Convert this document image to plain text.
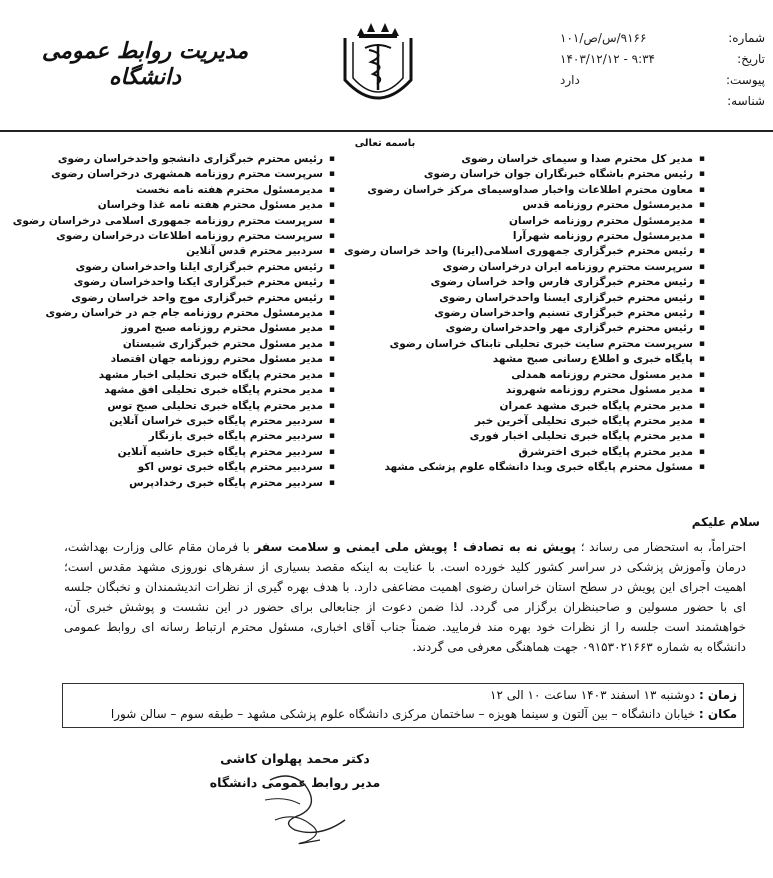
شماره:
۹۱۶۶/س/ص/۱۰۱
تاریخ:
۹:۳۴ - ۱۴۰۳/۱۲/۱۲
پیوست:
دارد
شناسه:
مدیریت روابط عمومی دانشگاه
باسمه تعالی
▪ مدیر کل محترم صدا و سیمای خراسان رضوی
▪ رئیس محترم باشگاه خبرنگاران جوان خراسان رضوی
▪ معاون محترم اطلاعات واخبار صداوسیمای مرکز خراسان رضوی
▪ مدیرمسئول محترم روزنامه قدس
▪ مدیرمسئول محترم روزنامه خراسان
▪ مدیرمسئول محترم روزنامه شهرآرا
▪ رئیس محترم خبرگزاری جمهوری اسلامی(ایرنا) واحد خراسان رضوی
▪ سرپرست محترم روزنامه ایران درخراسان رضوی
▪ رئیس محترم خبرگزاری فارس واحد خراسان رضوی
▪ رئیس محترم خبرگزاری ایسنا واحدخراسان رضوی
▪ رئیس محترم خبرگزاری تسنیم واحدخراسان رضوی
▪ رئیس محترم خبرگزاری مهر واحدخراسان رضوی
▪ سرپرست محترم سایت خبری تحلیلی تابناک خراسان رضوی
▪ پایگاه خبری و اطلاع رسانی صبح مشهد
▪ مدیر مسئول محترم روزنامه همدلی
▪ مدیر مسئول محترم روزنامه شهروند
▪ مدیر محترم پایگاه خبری مشهد عمران
▪ مدیر محترم پایگاه خبری تحلیلی آخرین خبر
▪ مدیر محترم پایگاه خبری تحلیلی اخبار فوری
▪ مدیر محترم پایگاه خبری اخترشرق
▪ مسئول محترم پایگاه خبری وبدا دانشگاه علوم پزشکی مشهد
▪ رئیس محترم خبرگزاری دانشجو واحدخراسان رضوی
▪ سرپرست محترم روزنامه همشهری درخراسان رضوی
▪ مدیرمسئول محترم هفته نامه نخست
▪ مدیر مسئول محترم هفته نامه غذا وخراسان
▪ سرپرست محترم روزنامه جمهوری اسلامی درخراسان رضوی
▪ سرپرست محترم روزنامه اطلاعات درخراسان رضوی
▪ سردبیر محترم قدس آنلاین
▪ رئیس محترم خبرگزاری ایلنا واحدخراسان رضوی
▪ رئیس محترم خبرگزاری ایکنا واحدخراسان رضوی
▪ رئیس محترم خبرگزاری موج واحد خراسان رضوی
▪ مدیرمسئول محترم روزنامه جام جم در خراسان رضوی
▪ مدیر مسئول محترم روزنامه صبح امروز
▪ مدیر مسئول محترم خبرگزاری شبستان
▪ مدیر مسئول محترم روزنامه جهان اقتصاد
▪ مدیر محترم پایگاه خبری تحلیلی اخبار مشهد
▪ مدیر محترم پایگاه خبری تحلیلی افق مشهد
▪ مدیر محترم پایگاه خبری تحلیلی صبح توس
▪ سردبیر محترم پایگاه خبری خراسان آنلاین
▪ سردبیر محترم پایگاه خبری بازنگار
▪ سردبیر محترم پایگاه خبری حاشیه آنلاین
▪ سردبیر محترم پایگاه خبری توس اکو
▪ سردبیر محترم پایگاه خبری رخدادپرس
سلام علیکم
احتراماً، به استحضار می رساند ؛ پویش نه به تصادف ! پویش ملی ایمنی و سلامت سفر با فرمان مقام عالی وزارت بهداشت، درمان وآموزش پزشکی در سراسر کشور کلید خورده است. با عنایت به اینکه مقصد بسیاری از سفرهای نوروزی مشهد مقدس است؛ اهمیت اجرای این پویش در سطح استان خراسان رضوی اهمیت مضاعفی دارد. با هدف بهره گیری از نظرات اندیشمندان و نخبگان جلسه ای با حضور مسولین و صاحبنظران برگزار می گردد. لذا ضمن دعوت از جنابعالی برای حضور در این نشست و پوشش خبری آن، خواهشمند است جلسه را از نظرات خود بهره مند فرمایید. ضمناً جناب آقای اخباری، مسئول محترم ارتباط رسانه ای روابط عمومی دانشگاه به شماره ۰۹۱۵۳۰۲۱۶۶۳ جهت هماهنگی معرفی می گردند.
زمان : دوشنبه ۱۳ اسفند ۱۴۰۳ ساعت ۱۰ الی ۱۲
مکان : خیابان دانشگاه – بین آلتون و سینما هویزه – ساختمان مرکزی دانشگاه علوم پزشکی مشهد – طبقه سوم – سالن شورا
دکتر محمد پهلوان کاشی
مدیر روابط عمومی دانشگاه
